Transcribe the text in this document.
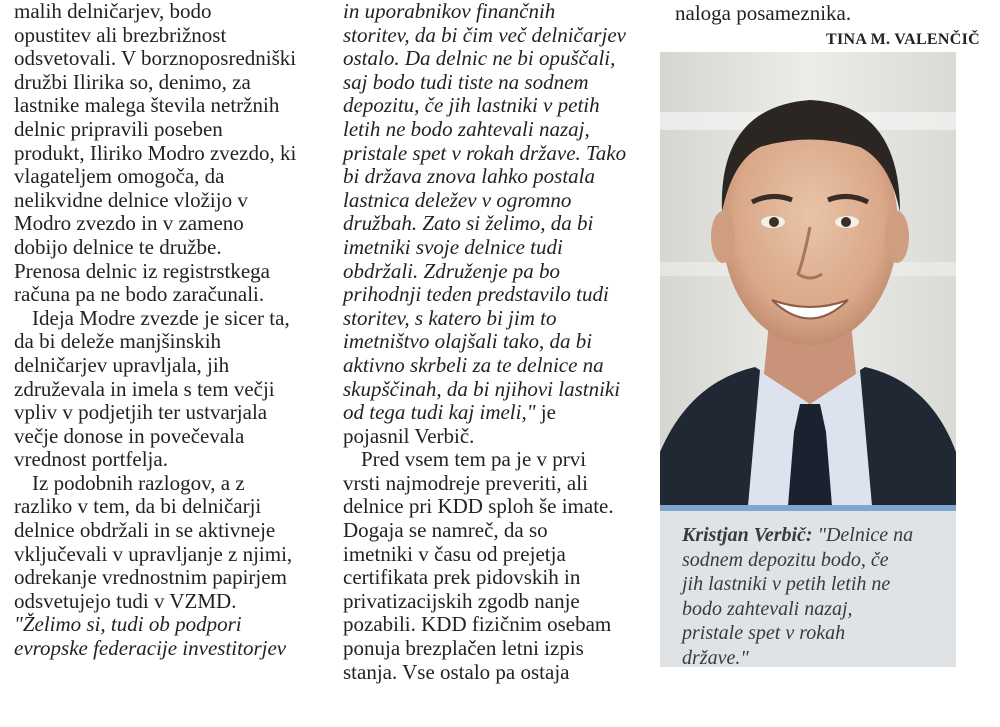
malih delničarjev, bodo
opustitev ali brezbrižnost
odsvetovali. V borznoposredniški
družbi Ilirika so, denimo, za
lastnike malega števila netržnih
delnic pripravili poseben
produkt, Iliriko Modro zvezdo, ki
vlagateljem omogoča, da
nelikvidne delnice vložijo v
Modro zvezdo in v zameno
dobijo delnice te družbe.
Prenosa delnic iz registrstkega
računa pa ne bodo zaračunali.

Ideja Modre zvezde je sicer ta,
da bi deleže manjšinskih
delničarjev upravljala, jih
združevala in imela s tem večji
vpliv v podjetjih ter ustvarjala
večje donose in povečevala
vrednost portfelja.

Iz podobnih razlogov, a z
razliko v tem, da bi delničarji
delnice obdržali in se aktivneje
vključevali v upravljanje z njimi,
odrekanje vrednostnim papirjem
odsvetujejo tudi v VZMD.

"Želimo si, tudi ob podpori
evropske federacije investitorjev

in uporabnikov finančnih
storitev, da bi čim več delničarjev
ostalo. Da delnic ne bi opuščali,
saj bodo tudi tiste na sodnem
depozitu, če jih lastniki v petih
letih ne bodo zahtevali nazaj,
pristale spet v rokah države. Tako
bi država znova lahko postala
lastnica deležev v ogromno
družbah. Zato si želimo, da bi
imetniki svoje delnice tudi
obdržali. Združenje pa bo
prihodnji teden predstavilo tudi
storitev, s katero bi jim to
imetništvo olajšali tako, da bi
aktivno skrbeli za te delnice na
skupščinah, da bi njihovi lastniki
od tega tudi kaj imeli," je
pojasnil Verbič.

Pred vsem tem pa je v prvi
vrsti najmodreje preveriti, ali
delnice pri KDD sploh še imate.
Dogaja se namreč, da so
imetniki v času od prejetja
certifikata prek pidovskih in
privatizacijskih zgodb nanje
pozabili. KDD fizičnim osebam
ponuja brezplačen letni izpis
stanja. Vse ostalo pa ostaja

naloga posameznika.
TINA M. VALENČIČ
Kristjan Verbič: "Delnice na
sodnem depozitu bodo, če
jih lastniki v petih letih ne
bodo zahtevali nazaj,
pristale spet v rokah
države."
